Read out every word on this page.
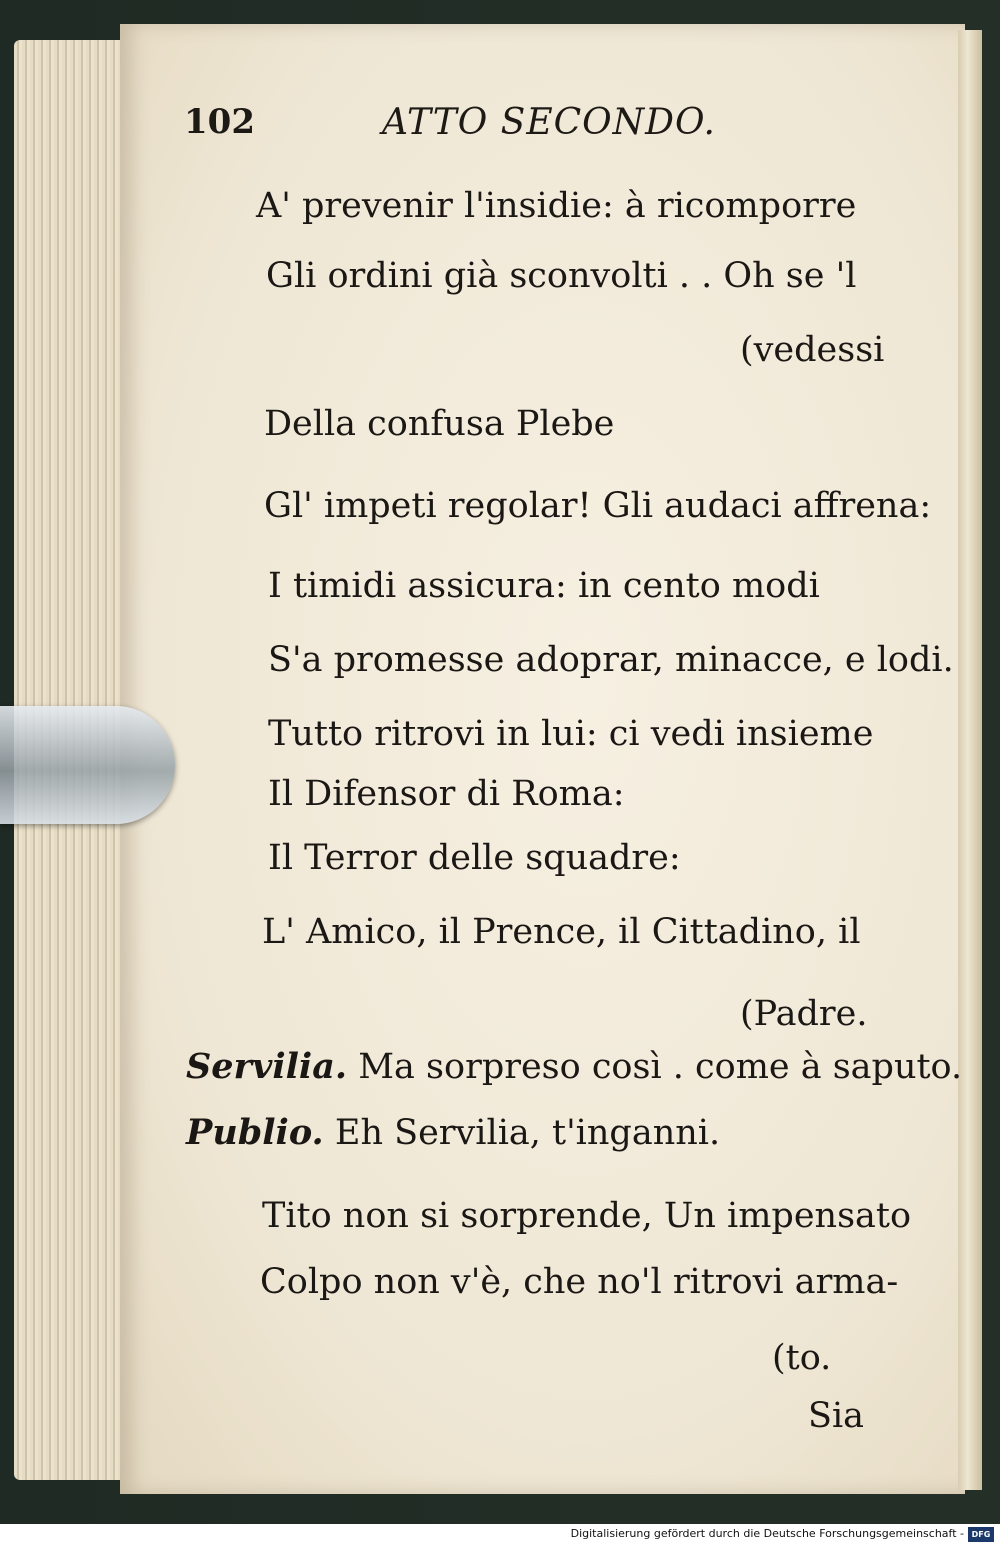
102	ATTO SECONDO.
A' prevenir l'insidie: à ricomporre
Gli ordini già sconvolti . . Oh se 'l
(vedessi
Della confusa Plebe
Gl' impeti regolar! Gli audaci affrena:
I timidi assicura: in cento modi
S'a promesse adoprar, minacce, e lodi.
Tutto ritrovi in lui: ci vedi insieme
Il Difensor di Roma:
Il Terror delle squadre:
L' Amico, il Prence, il Cittadino, il
(Padre.
Servilia. Ma sorpreso così . come à saputo.
Publio. Eh Servilia, t'inganni.
Tito non si sorprende, Un impensato
Colpo non v'è, che no'l ritrovi arma-
(to.
Sia
Digitalisierung gefördert durch die Deutsche Forschungsgemeinschaft - DFG
